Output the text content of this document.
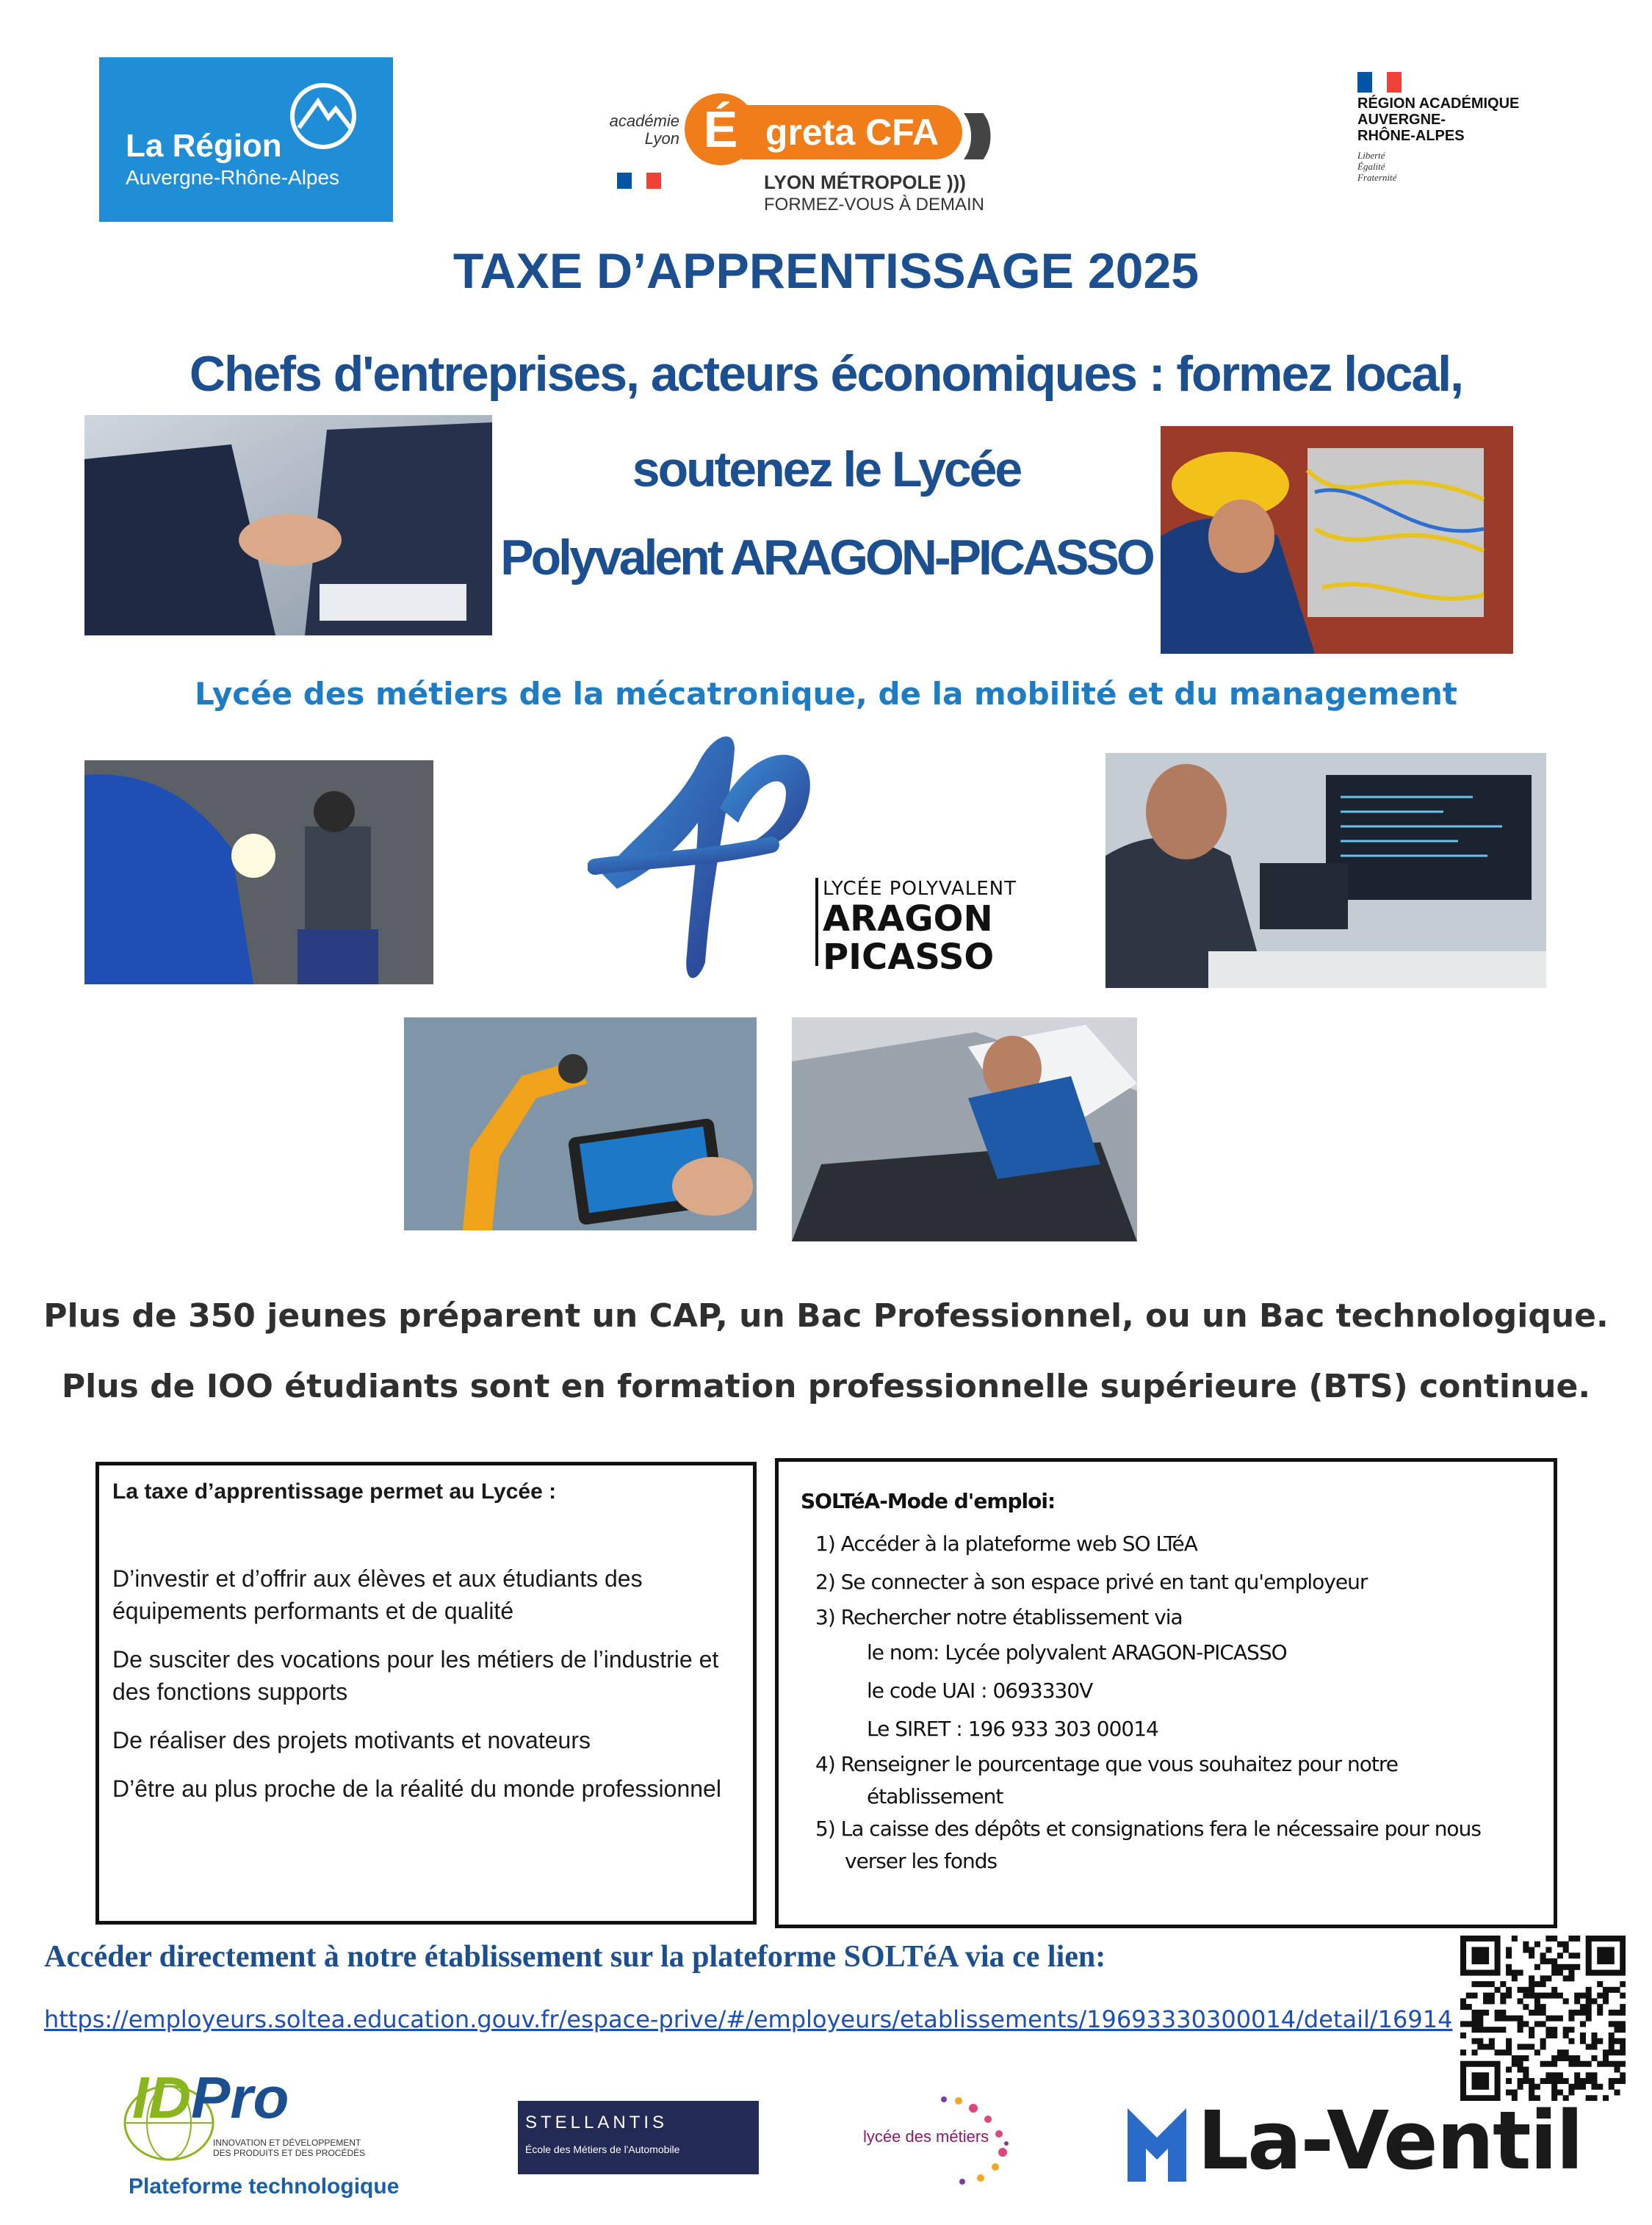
La Région
Auvergne-Rhône-Alpes
académie
Lyon	greta CFA
É	)))
LYON MÉTROPOLE )))
FORMEZ-VOUS À DEMAIN
RÉGION ACADÉMIQUE
AUVERGNE-
RHÔNE-ALPES
Liberté
Égalité
Fraternité
TAXE D’APPRENTISSAGE 2025
Chefs d'entreprises, acteurs économiques : formez local,
soutenez le Lycée
Polyvalent ARAGON-PICASSO
Lycée des métiers de la mécatronique, de la mobilité et du management
LYCÉE POLYVALENT
ARAGON
PICASSO
Plus de 350 jeunes préparent un CAP, un Bac Professionnel, ou un Bac technologique.
Plus de IOO étudiants sont en formation professionnelle supérieure (BTS) continue.
La taxe d’apprentissage permet au Lycée :
D’investir et d’offrir aux élèves et aux étudiants des équipements performants et de qualité
De susciter des vocations pour les métiers de l’industrie et des fonctions supports
De réaliser des projets motivants et novateurs
D’être au plus proche de la réalité du monde professionnel
SOLTéA-Mode d'emploi:
1) Accéder à la plateforme web SO LTéA
2) Se connecter à son espace privé en tant qu'employeur
3) Rechercher notre établissement via
le nom: Lycée polyvalent ARAGON-PICASSO
le code UAI : 0693330V
Le SIRET : 196 933 303 00014
4) Renseigner le pourcentage que vous souhaitez pour notre
établissement
5) La caisse des dépôts et consignations fera le nécessaire pour nous
verser les fonds
Accéder directement à notre établissement sur la plateforme SOLTéA via ce lien:
https://employeurs.soltea.education.gouv.fr/espace-prive/#/employeurs/etablissements/19693330300014/detail/16914
IDPro
INNOVATION ET DÉVELOPPEMENT
DES PRODUITS ET DES PROCÉDÉS
Plateforme technologique
STELLANTIS
École des Métiers de l'Automobile
lycée des métiers	La-Ventil
